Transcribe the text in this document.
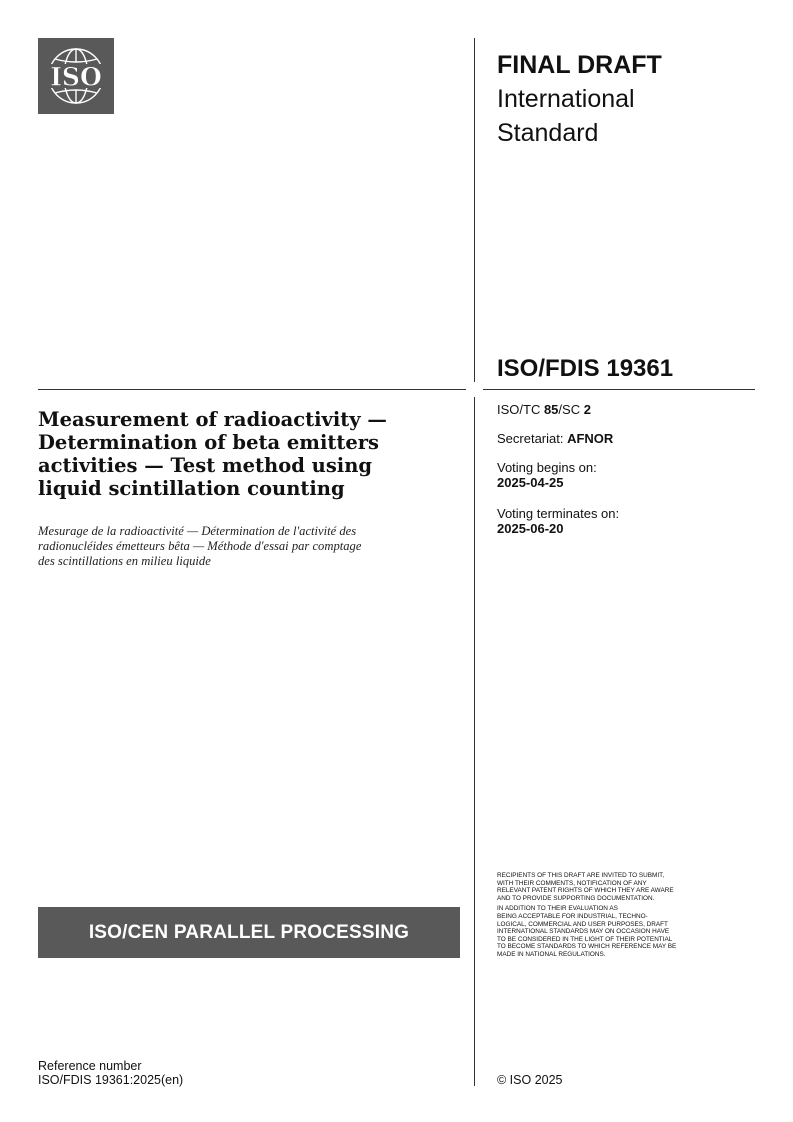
ISO	FINAL DRAFT
International
Standard
ISO/FDIS 19361
ISO/TC 85/SC 2
Secretariat: AFNOR
Voting begins on:
2025-04-25
Voting terminates on:
2025-06-20
Measurement of radioactivity —
Determination of beta emitters
activities — Test method using
liquid scintillation counting
Mesurage de la radioactivité — Détermination de l'activité des
radionucléides émetteurs bêta — Méthode d'essai par comptage
des scintillations en milieu liquide

RECIPIENTS OF THIS DRAFT ARE INVITED TO SUBMIT,
WITH THEIR COMMENTS, NOTIFICATION OF ANY
RELEVANT PATENT RIGHTS OF WHICH THEY ARE AWARE
AND TO PROVIDE SUPPORTING DOCUMENTATION.

IN ADDITION TO THEIR EVALUATION AS
BEING ACCEPTABLE FOR INDUSTRIAL, TECHNO-
LOGICAL, COMMERCIAL AND USER PURPOSES, DRAFT
INTERNATIONAL STANDARDS MAY ON OCCASION HAVE
TO BE CONSIDERED IN THE LIGHT OF THEIR POTENTIAL
TO BECOME STANDARDS TO WHICH REFERENCE MAY BE
MADE IN NATIONAL REGULATIONS.

ISO/CEN PARALLEL PROCESSING
Reference number
ISO/FDIS 19361:2025(en)	© ISO 2025
